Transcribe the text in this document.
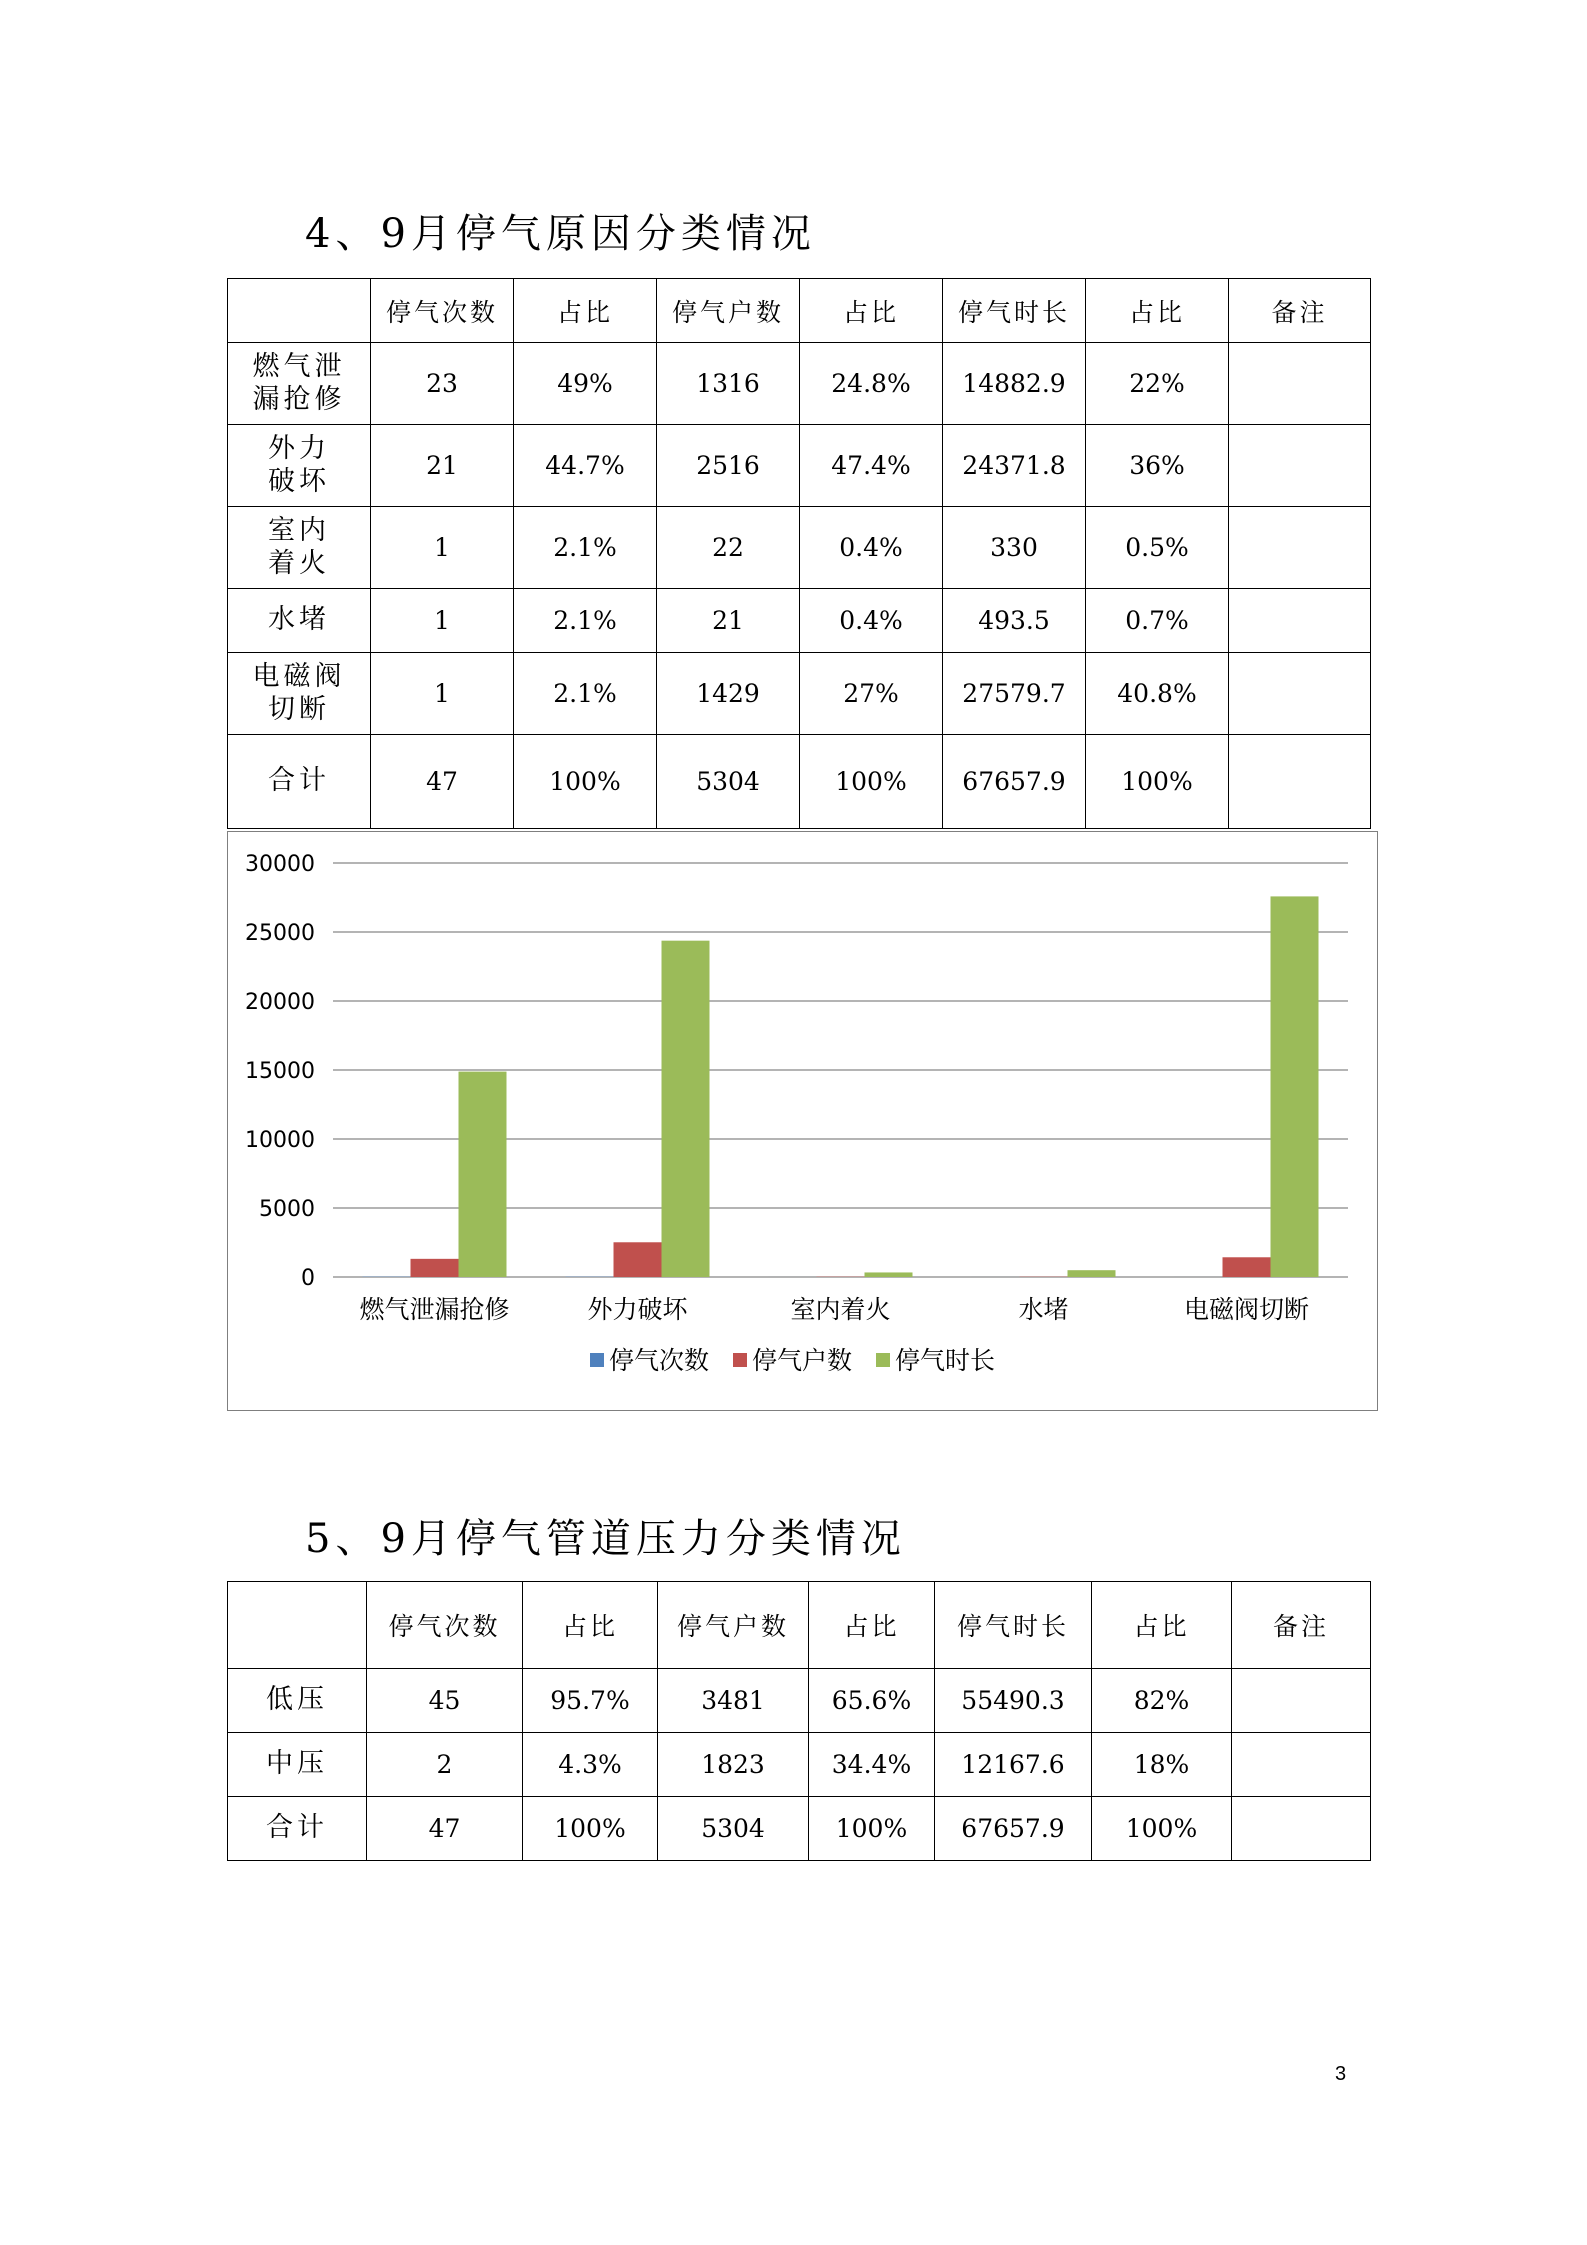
4、9月停气原因分类情况
	停气次数	占比	停气户数	占比	停气时长	占比	备注
燃气泄漏抢修	23	49%	1316	24.8%	14882.9	22%	
外力破坏	21	44.7%	2516	47.4%	24371.8	36%	
室内着火	1	2.1%	22	0.4%	330	0.5%	
水堵	1	2.1%	21	0.4%	493.5	0.7%	
电磁阀切断	1	2.1%	1429	27%	27579.7	40.8%	
合计	47	100%	5304	100%	67657.9	100%	
0
5000
10000
15000
20000
25000
30000
燃气泄漏抢修	外力破坏	室内着火	水堵	电磁阀切断
停气次数 停气户数 停气时长
5、9月停气管道压力分类情况
	停气次数	占比	停气户数	占比	停气时长	占比	备注
低压	45	95.7%	3481	65.6%	55490.3	82%	
中压	2	4.3%	1823	34.4%	12167.6	18%	
合计	47	100%	5304	100%	67657.9	100%	
3
